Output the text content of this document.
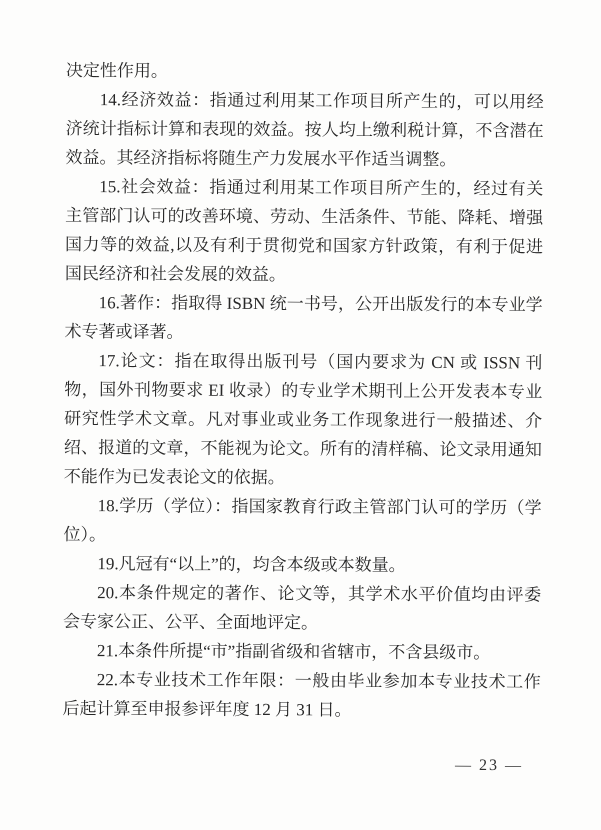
决定性作用。

14.经济效益：指通过利用某工作项目所产生的，可以用经济统计指标计算和表现的效益。按人均上缴利税计算，不含潜在效益。其经济指标将随生产力发展水平作适当调整。

15.社会效益：指通过利用某工作项目所产生的，经过有关主管部门认可的改善环境、劳动、生活条件、节能、降耗、增强国力等的效益,以及有利于贯彻党和国家方针政策，有利于促进国民经济和社会发展的效益。

16.著作：指取得 ISBN 统一书号，公开出版发行的本专业学术专著或译著。

17.论文：指在取得出版刊号（国内要求为 CN 或 ISSN 刊物，国外刊物要求 EI 收录）的专业学术期刊上公开发表本专业研究性学术文章。凡对事业或业务工作现象进行一般描述、介绍、报道的文章，不能视为论文。所有的清样稿、论文录用通知不能作为已发表论文的依据。

18.学历（学位）：指国家教育行政主管部门认可的学历（学位）。

19.凡冠有“以上”的，均含本级或本数量。

20.本条件规定的著作、论文等，其学术水平价值均由评委会专家公正、公平、全面地评定。

21.本条件所提“市”指副省级和省辖市，不含县级市。

22.本专业技术工作年限：一般由毕业参加本专业技术工作后起计算至申报参评年度 12 月 31 日。

— 23 —
